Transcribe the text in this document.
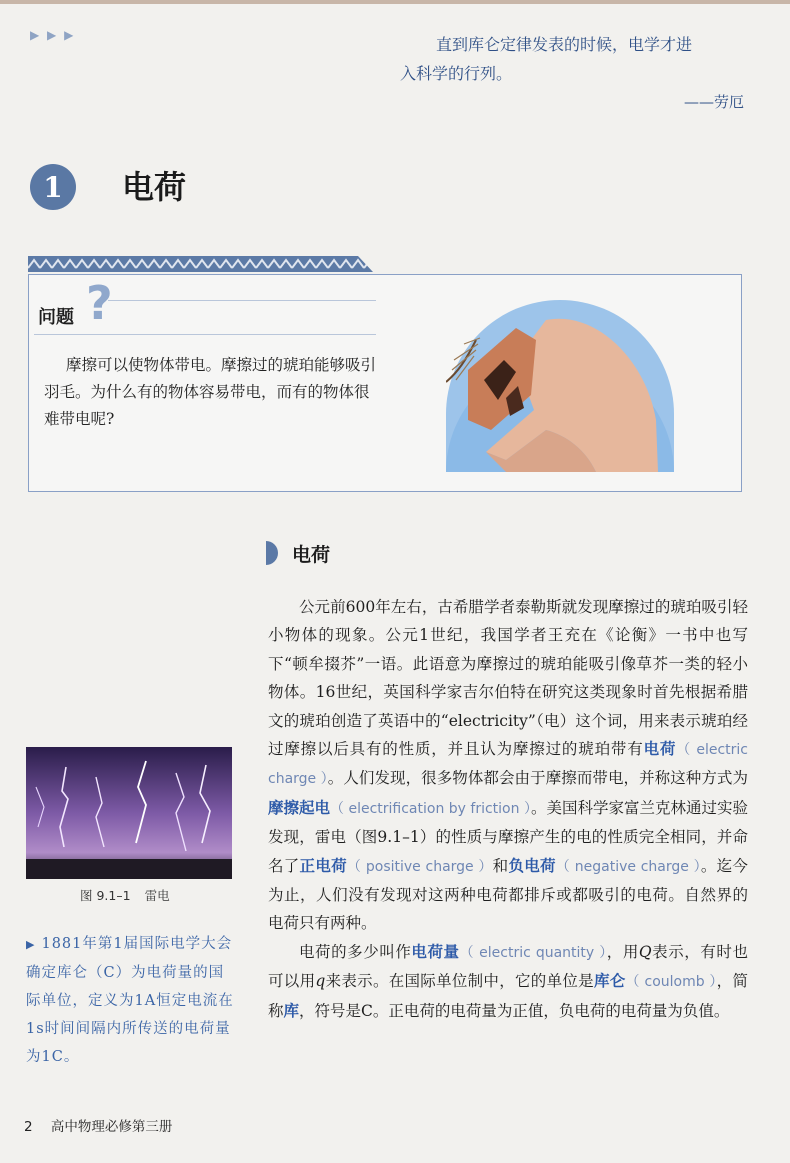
▶ ▶ ▶	直到库仑定律发表的时候，电学才进
入科学的行列。
——劳厄
1	电荷
问题 ?
摩擦可以使物体带电。摩擦过的琥珀能够吸引羽毛。为什么有的物体容易带电，而有的物体很难带电呢?
电荷

公元前600年左右，古希腊学者泰勒斯就发现摩擦过的琥珀吸引轻小物体的现象。公元1世纪，我国学者王充在《论衡》一书中也写下“顿牟掇芥”一语。此语意为摩擦过的琥珀能吸引像草芥一类的轻小物体。16世纪，英国科学家吉尔伯特在研究这类现象时首先根据希腊文的琥珀创造了英语中的“electricity”（电）这个词，用来表示琥珀经过摩擦以后具有的性质，并且认为摩擦过的琥珀带有电荷（ electric charge ）。人们发现，很多物体都会由于摩擦而带电，并称这种方式为摩擦起电（ electrification by friction ）。美国科学家富兰克林通过实验发现，雷电（图9.1–1）的性质与摩擦产生的电的性质完全相同，并命名了正电荷（ positive charge ）和负电荷（ negative charge ）。迄今为止，人们没有发现对这两种电荷都排斥或都吸引的电荷。自然界的电荷只有两种。

电荷的多少叫作电荷量（ electric quantity ），用Q表示，有时也可以用q来表示。在国际单位制中，它的单位是库仑（ coulomb ），简称库，符号是C。正电荷的电荷量为正值，负电荷的电荷量为负值。

图 9.1–1 雷电
▶ 1881年第1届国际电学大会确定库仑（C）为电荷量的国际单位，定义为1A恒定电流在1s时间间隔内所传送的电荷量为1C。
2 高中物理必修第三册
